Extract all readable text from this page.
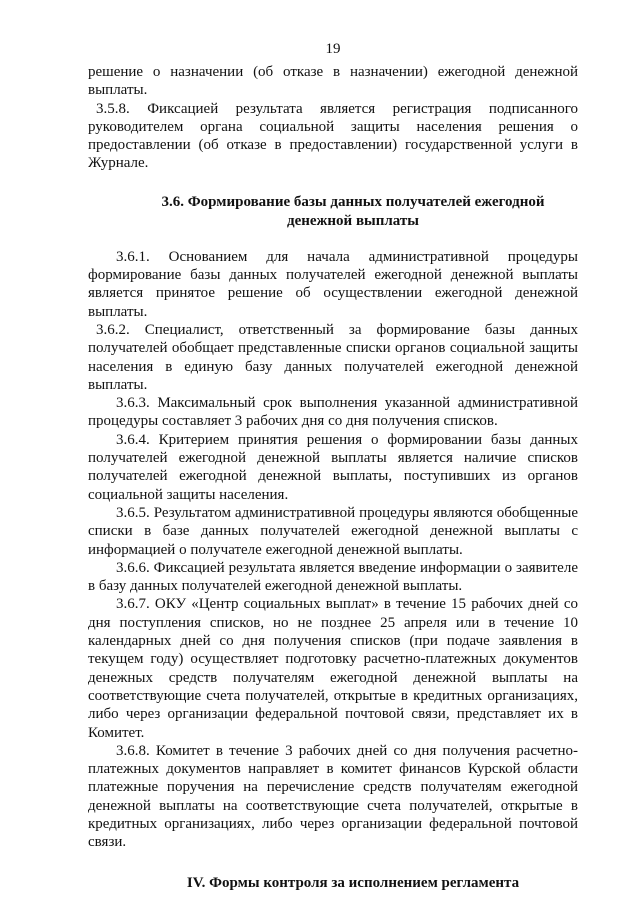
19

решение о назначении (об отказе в назначении) ежегодной денежной выплаты.

3.5.8. Фиксацией результата является регистрация подписанного руководителем органа социальной защиты населения решения о предоставлении (об отказе в предоставлении) государственной услуги в Журнале.

3.6. Формирование базы данных получателей ежегодной денежной выплаты

3.6.1. Основанием для начала административной процедуры формирование базы данных получателей ежегодной денежной выплаты является принятое решение об осуществлении ежегодной денежной выплаты.

3.6.2. Специалист, ответственный за формирование базы данных получателей обобщает представленные списки органов социальной защиты населения в единую базу данных получателей ежегодной денежной выплаты.

3.6.3. Максимальный срок выполнения указанной административной процедуры составляет 3 рабочих дня со дня получения списков.

3.6.4. Критерием принятия решения о формировании базы данных получателей ежегодной денежной выплаты является наличие списков получателей ежегодной денежной выплаты, поступивших из органов социальной защиты населения.

3.6.5. Результатом административной процедуры являются обобщенные списки в базе данных получателей ежегодной денежной выплаты с информацией о получателе ежегодной денежной выплаты.

3.6.6. Фиксацией результата является введение информации о заявителе в базу данных получателей ежегодной денежной выплаты.

3.6.7. ОКУ «Центр социальных выплат» в течение 15 рабочих дней со дня поступления списков, но не позднее 25 апреля или в течение 10 календарных дней со дня получения списков (при подаче заявления в текущем году) осуществляет подготовку расчетно-платежных документов денежных средств получателям ежегодной денежной выплаты на соответствующие счета получателей, открытые в кредитных организациях, либо через организации федеральной почтовой связи, представляет их в Комитет.

3.6.8. Комитет в течение 3 рабочих дней со дня получения расчетно-платежных документов направляет в комитет финансов Курской области платежные поручения на перечисление средств получателям ежегодной денежной выплаты на соответствующие счета получателей, открытые в кредитных организациях, либо через организации федеральной почтовой связи.

IV. Формы контроля за исполнением регламента
